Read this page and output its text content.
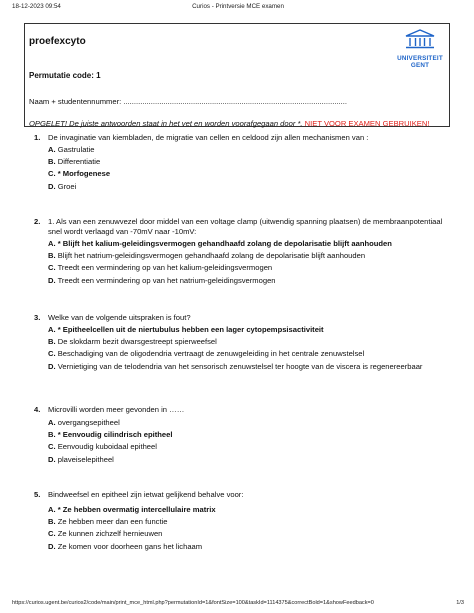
18-12-2023 09:54	Curios - Printversie MCE examen
proefexcyto
Permutatie code: 1
Naam + studentennummer: ..........................................................................................................
OPGELET! De juiste antwoorden staat in het vet en worden voorafgegaan door *. NIET VOOR EXAMEN GEBRUIKEN!
UNIVERSITEIT
GENT
1. De invaginatie van kiembladen, de migratie van cellen en celdood zijn allen mechanismen van :
A. Gastrulatie
B. Differentiatie
C. * Morfogenese
D. Groei
2. 1. Als van een zenuwvezel door middel van een voltage clamp (uitwendig spanning plaatsen) de membraanpotentiaal snel wordt verlaagd van -70mV naar -10mV:
A. * Blijft het kalium-geleidingsvermogen gehandhaafd zolang de depolarisatie blijft aanhouden
B. Blijft het natrium-geleidingsvermogen gehandhaafd zolang de depolarisatie blijft aanhouden
C. Treedt een vermindering op van het kalium-geleidingsvermogen
D. Treedt een vermindering op van het natrium-geleidingsvermogen
3. Welke van de volgende uitspraken is fout?
A. * Epitheelcellen uit de niertubulus hebben een lager cytopempsisactiviteit
B. De slokdarm bezit dwarsgestreept spierweefsel
C. Beschadiging van de oligodendria vertraagt de zenuwgeleiding in het centrale zenuwstelsel
D. Vernietiging van de telodendria van het sensorisch zenuwstelsel ter hoogte van de viscera is regenereerbaar
4. Microvilli worden meer gevonden in ……
A. overgangsepitheel
B. * Eenvoudig cilindrisch epitheel
C. Eenvoudig kuboidaal epitheel
D. plaveiselepitheel
5. Bindweefsel en epitheel zijn ietwat gelijkend behalve voor:
A. * Ze hebben overmatig intercellulaire matrix
B. Ze hebben meer dan een functie
C. Ze kunnen zichzelf hernieuwen
D. Ze komen voor doorheen gans het lichaam
https://curios.ugent.be/curios2/code/main/print_mce_html.php?permutationId=1&fontSize=100&taskId=1114375&correctBold=1&showFeedback=0	1/3
